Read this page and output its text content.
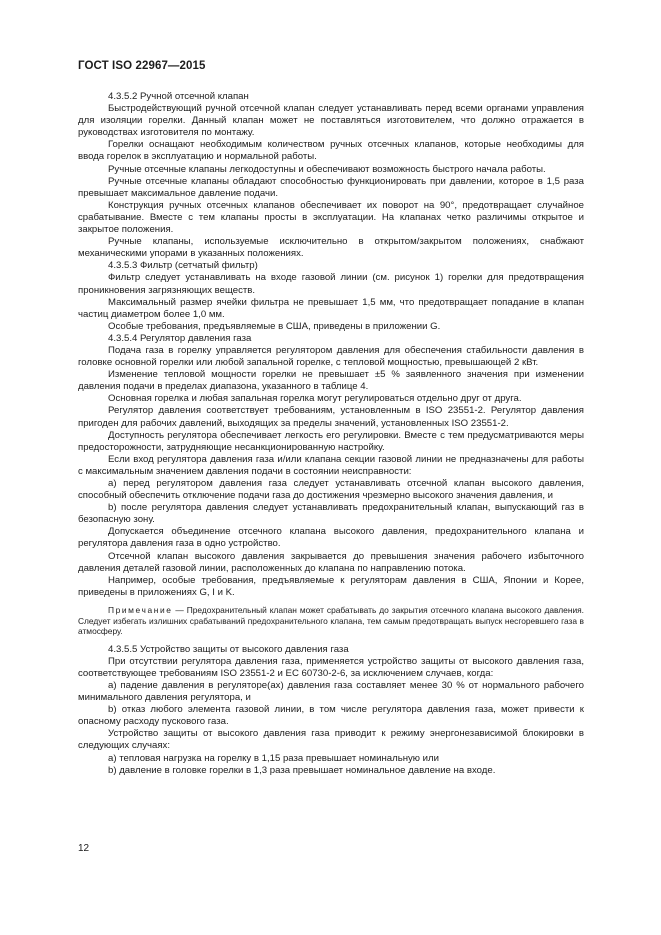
ГОСТ ISO 22967—2015

4.3.5.2 Ручной отсечной клапан

Быстродействующий ручной отсечной клапан следует устанавливать перед всеми органами управления для изоляции горелки. Данный клапан может не поставляться изготовителем, что должно отражается в руководствах изготовителя по монтажу.

Горелки оснащают необходимым количеством ручных отсечных клапанов, которые необходимы для ввода горелок в эксплуатацию и нормальной работы.

Ручные отсечные клапаны легкодоступны и обеспечивают возможность быстрого начала работы.

Ручные отсечные клапаны обладают способностью функционировать при давлении, которое в 1,5 раза превышает максимальное давление подачи.

Конструкция ручных отсечных клапанов обеспечивает их поворот на 90°, предотвращает случайное срабатывание. Вместе с тем клапаны просты в эксплуатации. На клапанах четко различимы открытое и закрытое положения.

Ручные клапаны, используемые исключительно в открытом/закрытом положениях, снабжают механическими упорами в указанных положениях.

4.3.5.3 Фильтр (сетчатый фильтр)

Фильтр следует устанавливать на входе газовой линии (см. рисунок 1) горелки для предотвращения проникновения загрязняющих веществ.

Максимальный размер ячейки фильтра не превышает 1,5 мм, что предотвращает попадание в клапан частиц диаметром более 1,0 мм.

Особые требования, предъявляемые в США, приведены в приложении G.

4.3.5.4 Регулятор давления газа

Подача газа в горелку управляется регулятором давления для обеспечения стабильности давления в головке основной горелки или любой запальной горелке, с тепловой мощностью, превышающей 2 кВт.

Изменение тепловой мощности горелки не превышает ±5 % заявленного значения при изменении давления подачи в пределах диапазона, указанного в таблице 4.

Основная горелка и любая запальная горелка могут регулироваться отдельно друг от друга.

Регулятор давления соответствует требованиям, установленным в ISO 23551-2. Регулятор давления пригоден для рабочих давлений, выходящих за пределы значений, установленных ISO 23551-2.

Доступность регулятора обеспечивает легкость его регулировки. Вместе с тем предусматриваются меры предосторожности, затрудняющие несанкционированную настройку.

Если вход регулятора давления газа и/или клапана секции газовой линии не предназначены для работы с максимальным значением давления подачи в состоянии неисправности:

a) перед регулятором давления газа следует устанавливать отсечной клапан высокого давления, способный обеспечить отключение подачи газа до достижения чрезмерно высокого значения давления, и

b) после регулятора давления следует устанавливать предохранительный клапан, выпускающий газ в безопасную зону.

Допускается объединение отсечного клапана высокого давления, предохранительного клапана и регулятора давления газа в одно устройство.

Отсечной клапан высокого давления закрывается до превышения значения рабочего избыточного давления деталей газовой линии, расположенных до клапана по направлению потока.

Например, особые требования, предъявляемые к регуляторам давления в США, Японии и Корее, приведены в приложениях G, I и K.

Примечание — Предохранительный клапан может срабатывать до закрытия отсечного клапана высокого давления. Следует избегать излишних срабатываний предохранительного клапана, тем самым предотвращать выпуск несгоревшего газа в атмосферу.

4.3.5.5 Устройство защиты от высокого давления газа

При отсутствии регулятора давления газа, применяется устройство защиты от высокого давления газа, соответствующее требованиям ISO 23551-2 и EC 60730-2-6, за исключением случаев, когда:

a) падение давления в регуляторе(ах) давления газа составляет менее 30 % от нормального рабочего минимального давления регулятора, и

b) отказ любого элемента газовой линии, в том числе регулятора давления газа, может привести к опасному расходу пускового газа.

Устройство защиты от высокого давления газа приводит к режиму энергонезависимой блокировки в следующих случаях:

a) тепловая нагрузка на горелку в 1,15 раза превышает номинальную или

b) давление в головке горелки в 1,3 раза превышает номинальное давление на входе.

12
